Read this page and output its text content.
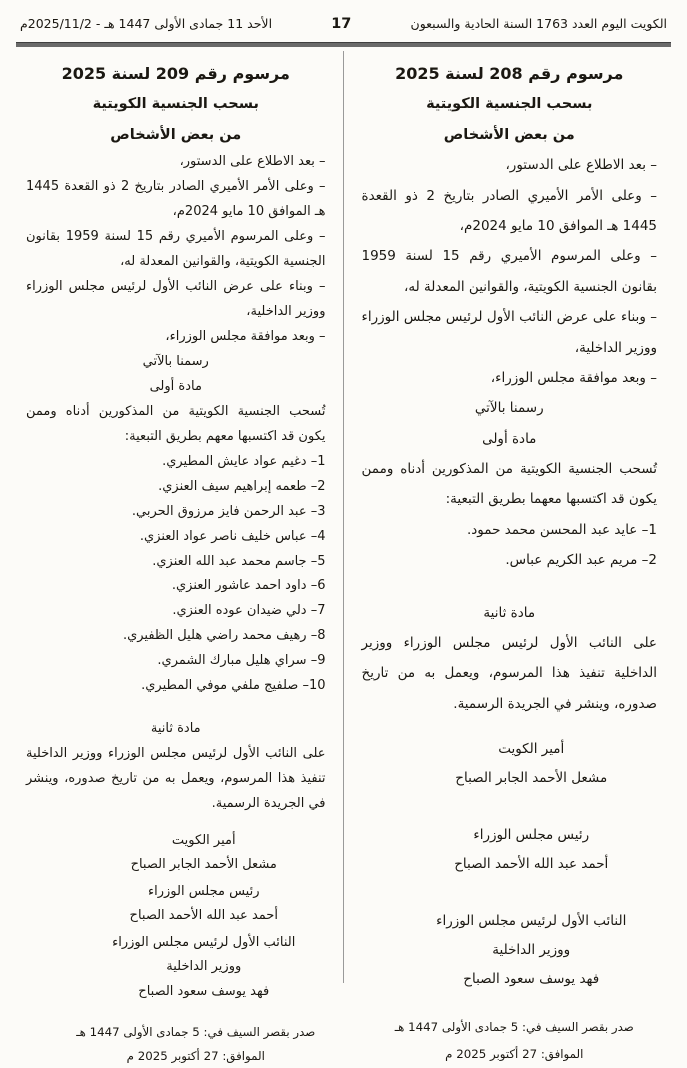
الكويت اليوم العدد 1763 السنة الحادية والسبعون
17
الأحد 11 جمادى الأولى 1447 هـ - 2025/11/2م
مرسوم رقم 208 لسنة 2025
بسحب الجنسية الكويتية
من بعض الأشخاص
– بعد الاطلاع على الدستور،
– وعلى الأمر الأميري الصادر بتاريخ 2 ذو القعدة 1445 هـ الموافق 10 مايو 2024م،
– وعلى المرسوم الأميري رقم 15 لسنة 1959 بقانون الجنسية الكويتية، والقوانين المعدلة له،
– وبناء على عرض النائب الأول لرئيس مجلس الوزراء ووزير الداخلية،
– وبعد موافقة مجلس الوزراء،
رسمنا بالآتي
مادة أولى

تُسحب الجنسية الكويتية من المذكورين أدناه وممن يكون قد اكتسبها معهما بطريق التبعية:

1– عايد عبد المحسن محمد حمود.
2– مريم عبد الكريم عباس.
مادة ثانية

على النائب الأول لرئيس مجلس الوزراء ووزير الداخلية تنفيذ هذا المرسوم، ويعمل به من تاريخ صدوره، وينشر في الجريدة الرسمية.

أمير الكويت
مشعل الأحمد الجابر الصباح
رئيس مجلس الوزراء
أحمد عبد الله الأحمد الصباح
النائب الأول لرئيس مجلس الوزراء
ووزير الداخلية
فهد يوسف سعود الصباح
صدر بقصر السيف في: 5 جمادى الأولى 1447 هـ
الموافق: 27 أكتوبر 2025 م
مرسوم رقم 209 لسنة 2025
بسحب الجنسية الكويتية
من بعض الأشخاص
– بعد الاطلاع على الدستور،
– وعلى الأمر الأميري الصادر بتاريخ 2 ذو القعدة 1445 هـ الموافق 10 مايو 2024م،
– وعلى المرسوم الأميري رقم 15 لسنة 1959 بقانون الجنسية الكويتية، والقوانين المعدلة له،
– وبناء على عرض النائب الأول لرئيس مجلس الوزراء ووزير الداخلية،
– وبعد موافقة مجلس الوزراء،
رسمنا بالآتي
مادة أولى

تُسحب الجنسية الكويتية من المذكورين أدناه وممن يكون قد اكتسبها معهم بطريق التبعية:

1– دغيم عواد عايش المطيري.
2– طعمه إبراهيم سيف العنزي.
3– عبد الرحمن فايز مرزوق الحربي.
4– عباس خليف ناصر عواد العنزي.
5– جاسم محمد عبد الله العنزي.
6– داود احمد عاشور العنزي.
7– دلي ضيدان عوده العنزي.
8– رهيف محمد راضي هليل الظفيري.
9– سراي هليل مبارك الشمري.
10– صلفيج ملفي موفي المطيري.
مادة ثانية

على النائب الأول لرئيس مجلس الوزراء ووزير الداخلية تنفيذ هذا المرسوم، ويعمل به من تاريخ صدوره، وينشر في الجريدة الرسمية.

أمير الكويت
مشعل الأحمد الجابر الصباح
رئيس مجلس الوزراء
أحمد عبد الله الأحمد الصباح
النائب الأول لرئيس مجلس الوزراء
ووزير الداخلية
فهد يوسف سعود الصباح
صدر بقصر السيف في: 5 جمادى الأولى 1447 هـ
الموافق: 27 أكتوبر 2025 م
